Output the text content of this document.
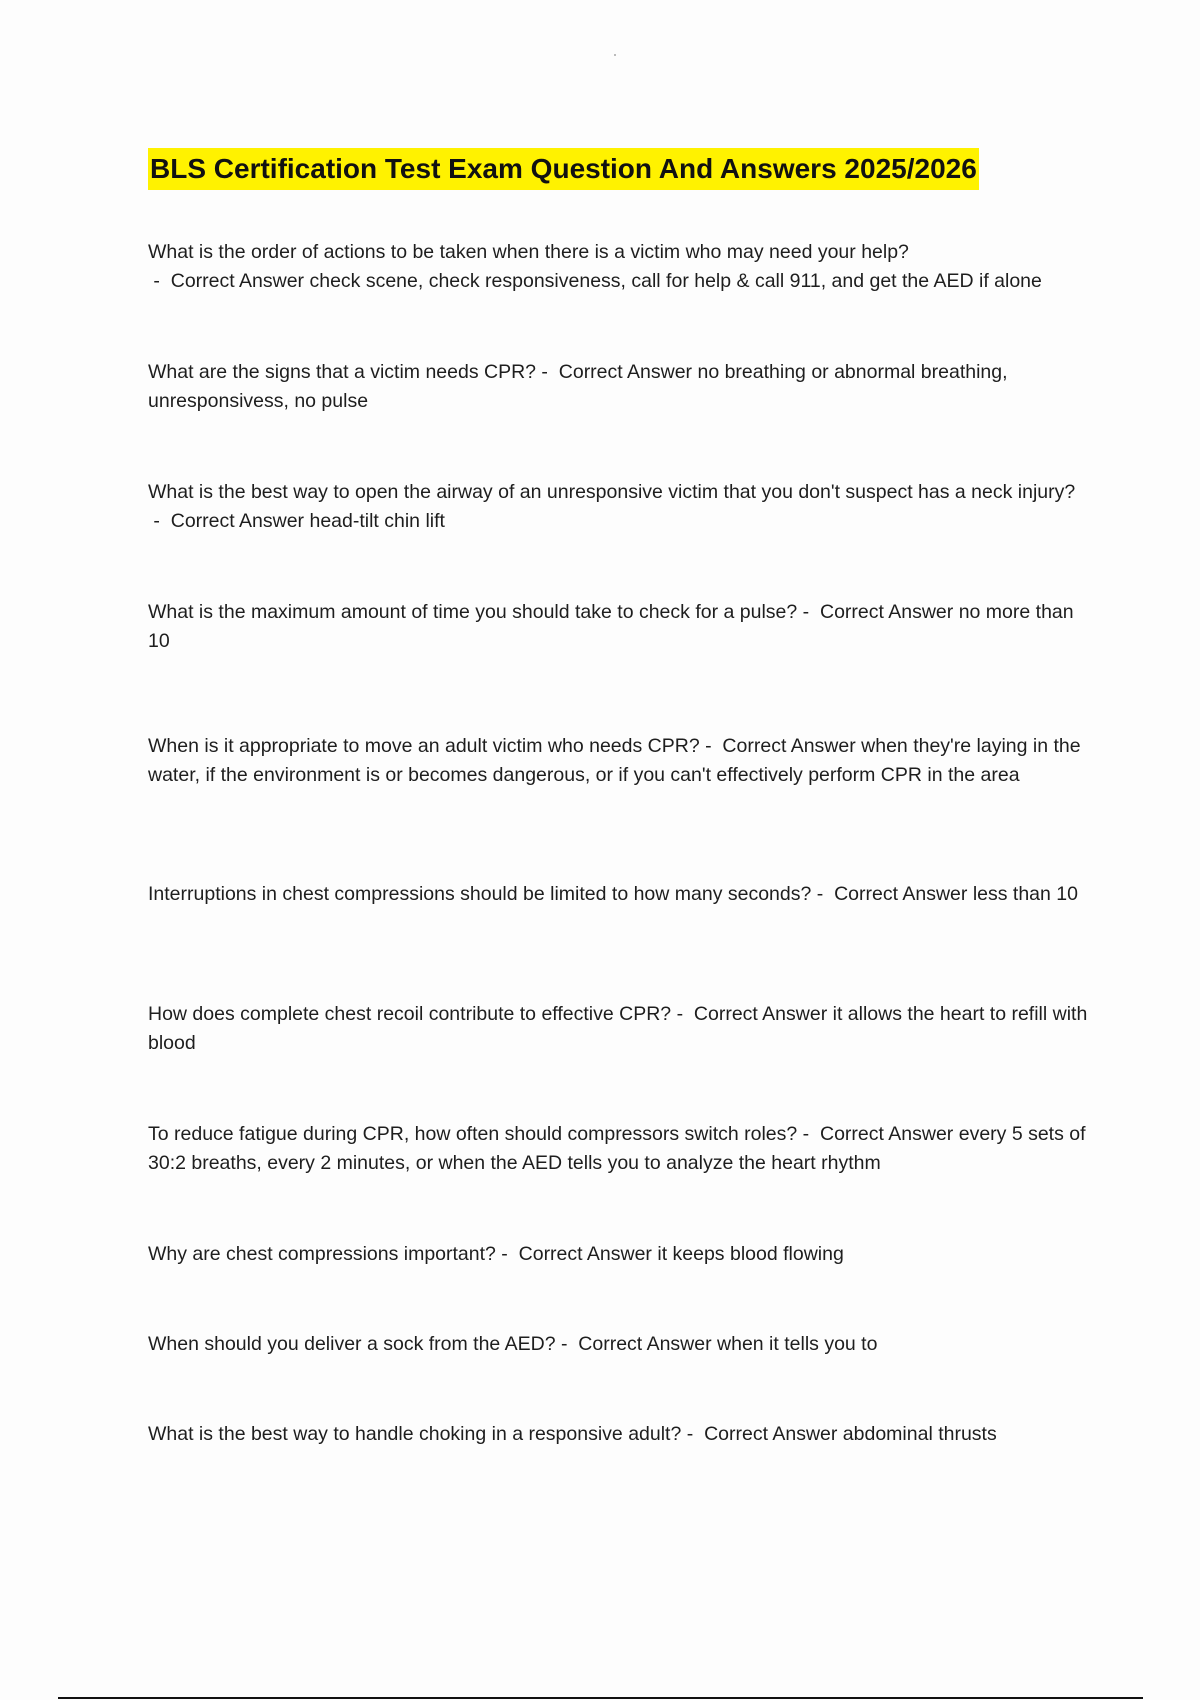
BLS Certification Test Exam Question And Answers 2025/2026

What is the order of actions to be taken when there is a victim who may need your help? -  Correct Answer check scene, check responsiveness, call for help & call 911, and get the AED if alone

What are the signs that a victim needs CPR? -  Correct Answer no breathing or abnormal breathing, unresponsivess, no pulse

What is the best way to open the airway of an unresponsive victim that you don't suspect has a neck injury? -  Correct Answer head-tilt chin lift

What is the maximum amount of time you should take to check for a pulse? -  Correct Answer no more than 10

When is it appropriate to move an adult victim who needs CPR? -  Correct Answer when they're laying in the water, if the environment is or becomes dangerous, or if you can't effectively perform CPR in the area

Interruptions in chest compressions should be limited to how many seconds? -  Correct Answer less than 10

How does complete chest recoil contribute to effective CPR? -  Correct Answer it allows the heart to refill with blood

To reduce fatigue during CPR, how often should compressors switch roles? -  Correct Answer every 5 sets of 30:2 breaths, every 2 minutes, or when the AED tells you to analyze the heart rhythm

Why are chest compressions important? -  Correct Answer it keeps blood flowing

When should you deliver a sock from the AED? -  Correct Answer when it tells you to

What is the best way to handle choking in a responsive adult? -  Correct Answer abdominal thrusts
